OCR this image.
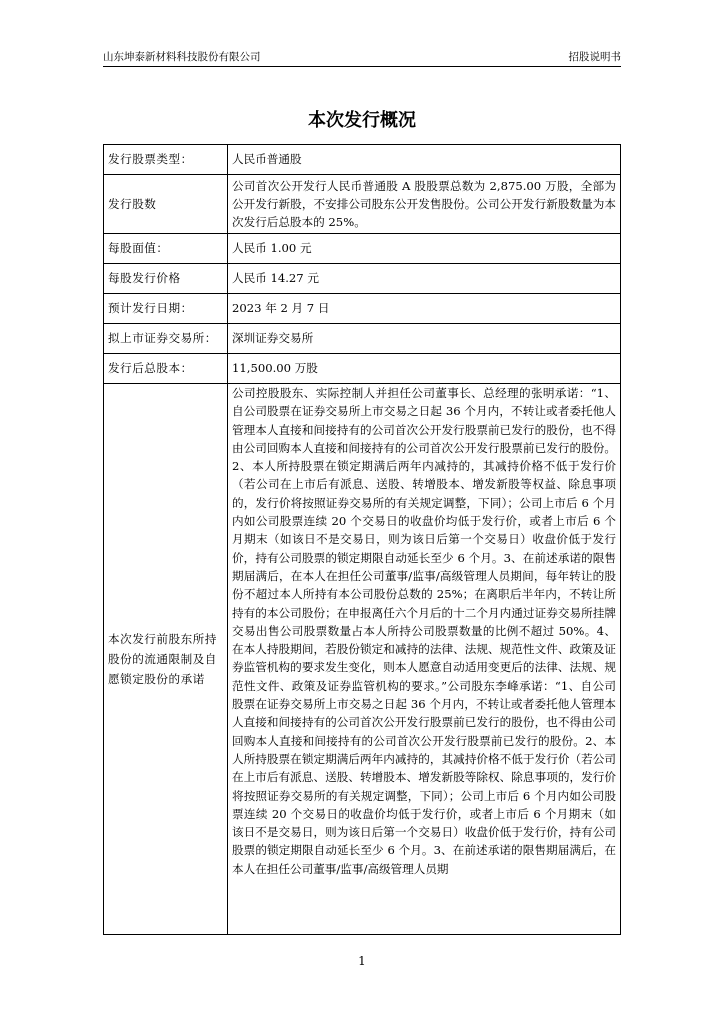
山东坤泰新材料科技股份有限公司	招股说明书
本次发行概况
发行股票类型：	人民币普通股
发行股数	公司首次公开发行人民币普通股 A 股股票总数为 2,875.00 万股，全部为公开发行新股，不安排公司股东公开发售股份。公司公开发行新股数量为本次发行后总股本的 25%。
每股面值：	人民币 1.00 元
每股发行价格	人民币 14.27 元
预计发行日期：	2023 年 2 月 7 日
拟上市证券交易所：	深圳证券交易所
发行后总股本：	11,500.00 万股
本次发行前股东所持股份的流通限制及自愿锁定股份的承诺	公司控股股东、实际控制人并担任公司董事长、总经理的张明承诺：“1、自公司股票在证券交易所上市交易之日起 36 个月内，不转让或者委托他人管理本人直接和间接持有的公司首次公开发行股票前已发行的股份，也不得由公司回购本人直接和间接持有的公司首次公开发行股票前已发行的股份。2、本人所持股票在锁定期满后两年内减持的，其减持价格不低于发行价（若公司在上市后有派息、送股、转增股本、增发新股等权益、除息事项的，发行价将按照证券交易所的有关规定调整，下同）；公司上市后 6 个月内如公司股票连续 20 个交易日的收盘价均低于发行价，或者上市后 6 个月期末（如该日不是交易日，则为该日后第一个交易日）收盘价低于发行价，持有公司股票的锁定期限自动延长至少 6 个月。3、在前述承诺的限售期届满后，在本人在担任公司董事/监事/高级管理人员期间，每年转让的股份不超过本人所持有本公司股份总数的 25%；在离职后半年内，不转让所持有的本公司股份；在申报离任六个月后的十二个月内通过证券交易所挂牌交易出售公司股票数量占本人所持公司股票数量的比例不超过 50%。4、在本人持股期间，若股份锁定和减持的法律、法规、规范性文件、政策及证券监管机构的要求发生变化，则本人愿意自动适用变更后的法律、法规、规范性文件、政策及证券监管机构的要求。”公司股东李峰承诺：“1、自公司股票在证券交易所上市交易之日起 36 个月内，不转让或者委托他人管理本人直接和间接持有的公司首次公开发行股票前已发行的股份，也不得由公司回购本人直接和间接持有的公司首次公开发行股票前已发行的股份。2、本人所持股票在锁定期满后两年内减持的，其减持价格不低于发行价（若公司在上市后有派息、送股、转增股本、增发新股等除权、除息事项的，发行价将按照证券交易所的有关规定调整，下同）；公司上市后 6 个月内如公司股票连续 20 个交易日的收盘价均低于发行价，或者上市后 6 个月期末（如该日不是交易日，则为该日后第一个交易日）收盘价低于发行价，持有公司股票的锁定期限自动延长至少 6 个月。3、在前述承诺的限售期届满后，在本人在担任公司董事/监事/高级管理人员期
1
